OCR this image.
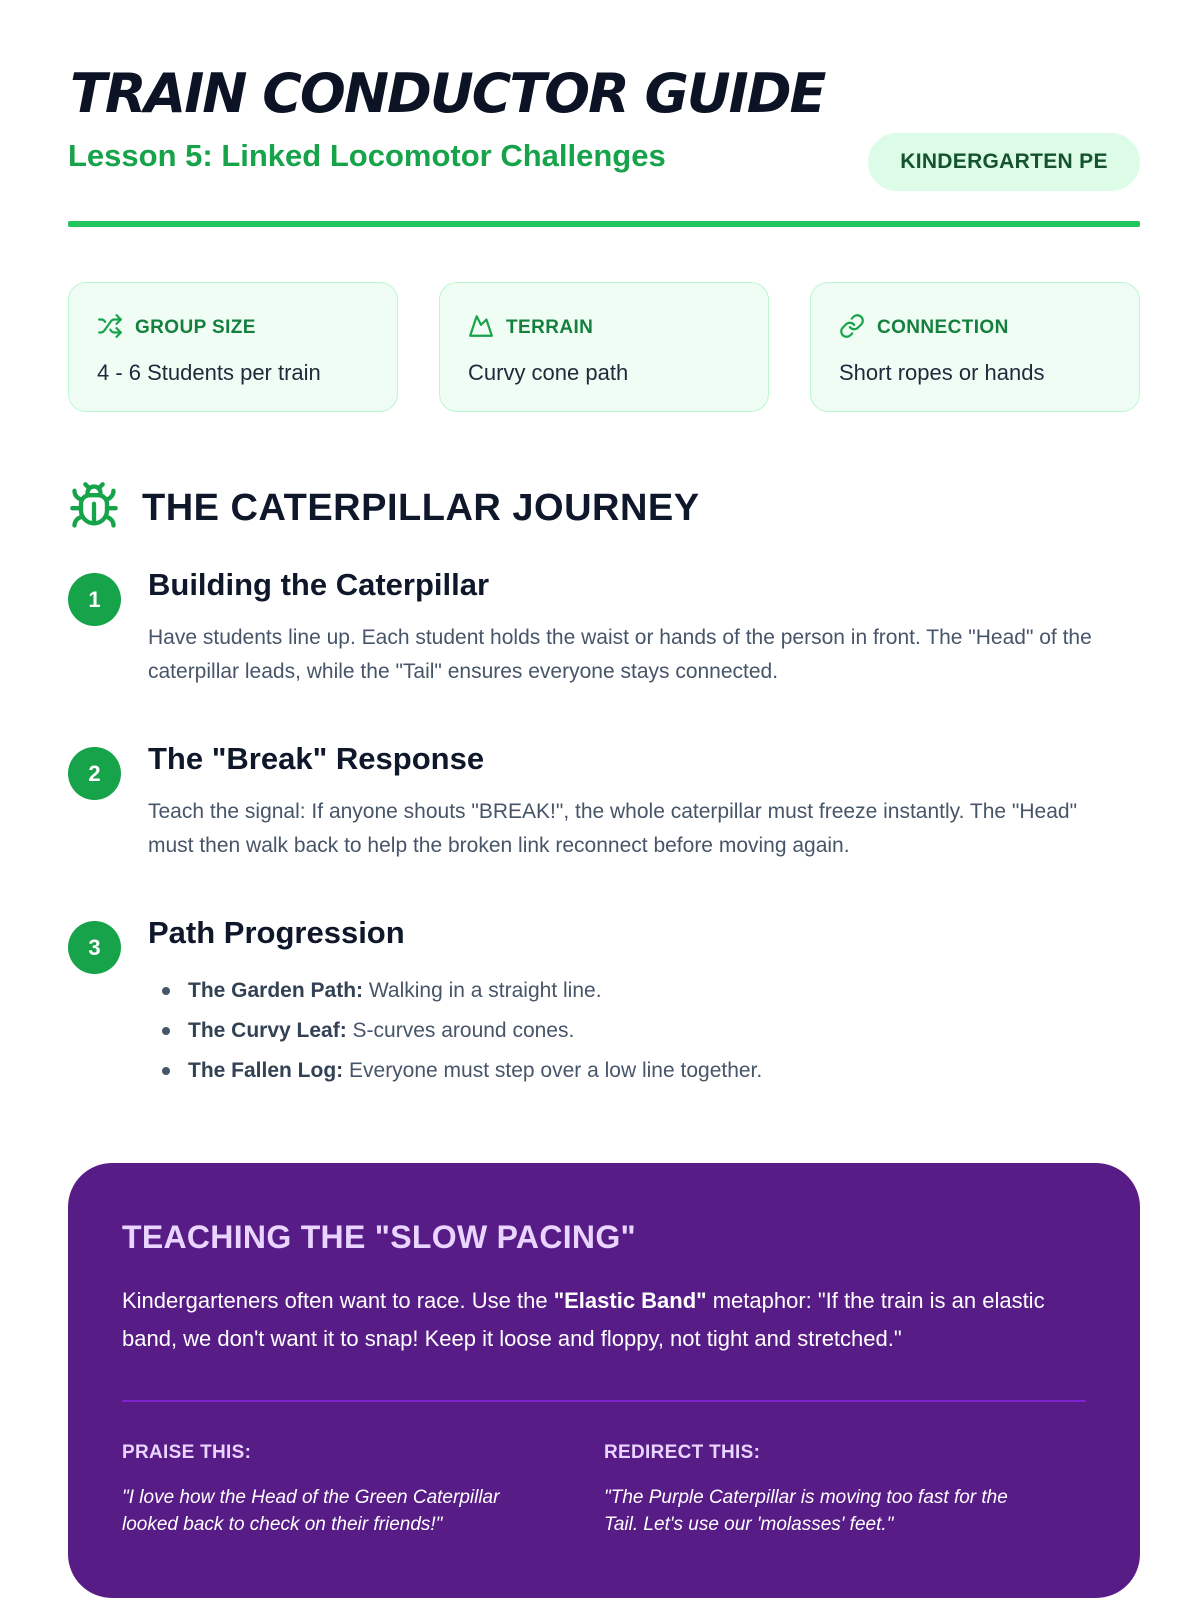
TRAIN CONDUCTOR GUIDE
Lesson 5: Linked Locomotor Challenges	KINDERGARTEN PE
GROUP SIZE
4 - 6 Students per train
TERRAIN
Curvy cone path
CONNECTION
Short ropes or hands
THE CATERPILLAR JOURNEY
1	Building the Caterpillar
Have students line up. Each student holds the waist or hands of the person in front. The "Head" of the caterpillar leads, while the "Tail" ensures everyone stays connected.
2	The "Break" Response
Teach the signal: If anyone shouts "BREAK!", the whole caterpillar must freeze instantly. The "Head" must then walk back to help the broken link reconnect before moving again.
3	Path Progression
The Garden Path: Walking in a straight line.
The Curvy Leaf: S-curves around cones.
The Fallen Log: Everyone must step over a low line together.
TEACHING THE "SLOW PACING"

Kindergarteners often want to race. Use the "Elastic Band" metaphor: "If the train is an elastic band, we don't want it to snap! Keep it loose and floppy, not tight and stretched."

PRAISE THIS:
"I love how the Head of the Green Caterpillar looked back to check on their friends!"
REDIRECT THIS:
"The Purple Caterpillar is moving too fast for the Tail. Let's use our 'molasses' feet."
